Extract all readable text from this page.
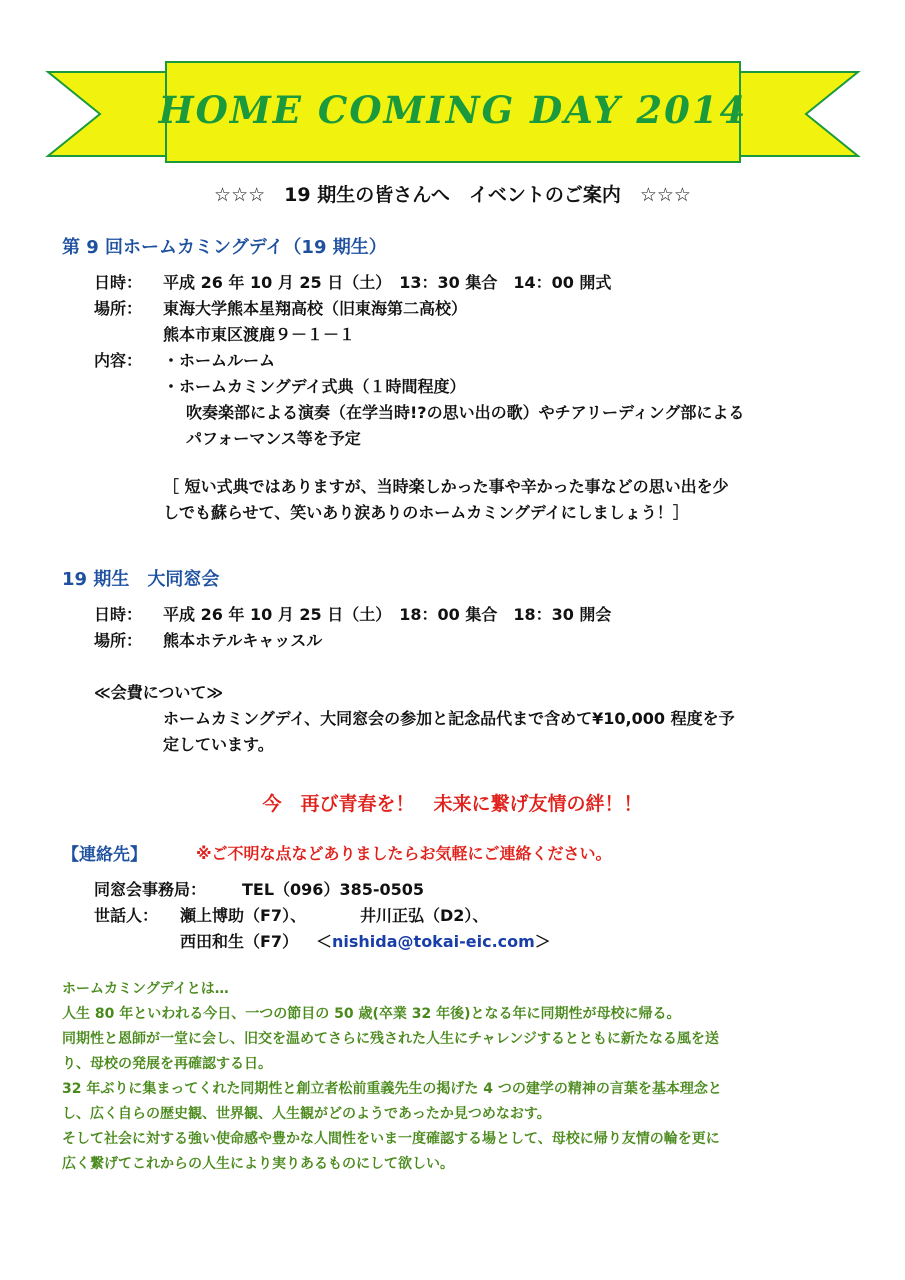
HOME COMING DAY 2014
☆☆☆　19 期生の皆さんへ　イベントのご案内　☆☆☆
第 9 回ホームカミングデイ（19 期生）
日時： 平成 26 年 10 月 25 日（土）　13：30 集合　14：00 開式
場所： 東海大学熊本星翔高校（旧東海第二高校）
熊本市東区渡鹿９－１－１
内容： ・ホームルーム
・ホームカミングデイ式典（１時間程度）
吹奏楽部による演奏（在学当時!?の思い出の歌）やチアリーディング部による
パフォーマンス等を予定
［ 短い式典ではありますが、当時楽しかった事や辛かった事などの思い出を少
しでも蘇らせて、笑いあり涙ありのホームカミングデイにしましょう！］
19 期生　大同窓会
日時： 平成 26 年 10 月 25 日（土）　18：00 集合　18：30 開会
場所： 熊本ホテルキャッスル
≪会費について≫
ホームカミングデイ、大同窓会の参加と記念品代まで含めて¥10,000 程度を予
定しています。
今　再び青春を！　未来に繋げ友情の絆！！
【連絡先】	※ご不明な点などありましたらお気軽にご連絡ください。
同窓会事務局： TEL（096）385-0505
世話人： 瀬上博助（F7）、	井川正弘（D2）、
西田和生（F7） ＜nishida@tokai-eic.com＞
ホームカミングデイとは…
人生 80 年といわれる今日、一つの節目の 50 歳(卒業 32 年後)となる年に同期性が母校に帰る。
同期性と恩師が一堂に会し、旧交を温めてさらに残された人生にチャレンジするとともに新たなる風を送
り、母校の発展を再確認する日。
32 年ぶりに集まってくれた同期性と創立者松前重義先生の掲げた 4 つの建学の精神の言葉を基本理念と
し、広く自らの歴史観、世界観、人生観がどのようであったか見つめなおす。
そして社会に対する強い使命感や豊かな人間性をいま一度確認する場として、母校に帰り友情の輪を更に
広く繋げてこれからの人生により実りあるものにして欲しい。
